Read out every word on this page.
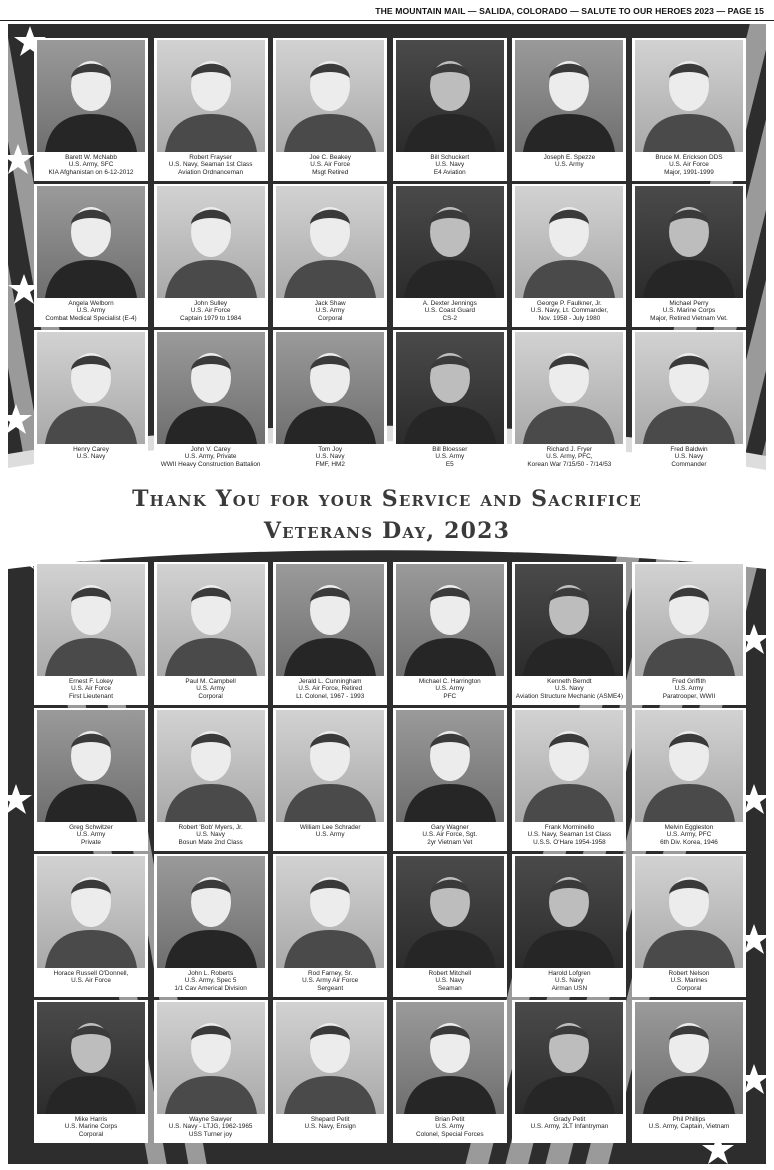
THE MOUNTAIN MAIL — SALIDA, COLORADO — SALUTE TO OUR HEROES 2023 — PAGE 15
Barett W. McNabb
U.S. Army, SFC
KIA Afghanistan on 6-12-2012
Robert Frayser
U.S. Navy, Seaman 1st Class
Aviation Ordnanceman
Joe C. Beakey
U.S. Air Force
Msgt Retired
Bill Schuckert
U.S. Navy
E4 Aviation
Joseph E. Spezze
U.S. Army
Bruce M. Erickson DDS
U.S. Air Force
Major, 1991-1999
Angela Welborn
U.S. Army
Combat Medical Specialist (E-4)
John Sulley
U.S. Air Force
Captain 1979 to 1984
Jack Shaw
U.S. Army
Corporal
A. Dexter Jennings
U.S. Coast Guard
CS-2
George P. Faulkner, Jr.
U.S. Navy, Lt. Commander,
Nov. 1958 - July 1980
Michael Perry
U.S. Marine Corps
Major, Retired Vietnam Vet.
Henry Carey
U.S. Navy
John V. Carey
U.S. Army, Private
WWII Heavy Construction Battalion
Tom Joy
U.S. Navy
FMF, HM2
Bill Bloesser
U.S. Army
E5
Richard J. Fryer
U.S. Army, PFC,
Korean War 7/15/50 - 7/14/53
Fred Baldwin
U.S. Navy
Commander
Thank You for your Service and Sacrifice
Veterans Day, 2023
Ernest F. Lokey
U.S. Air Force
First Lieutenant
Paul M. Campbell
U.S. Army
Corporal
Jerald L. Cunningham
U.S. Air Force, Retired
Lt. Colonel, 1967 - 1993
Michael C. Harrington
U.S. Army
PFC
Kenneth Berndt
U.S. Navy
Aviation Structure Mechanic (ASME4)
Fred Griffith
U.S. Army
Paratrooper, WWII
Greg Schwitzer
U.S. Army
Private
Robert 'Bob' Myers, Jr.
U.S. Navy
Bosun Mate 2nd Class
William Lee Schrader
U.S. Army
Gary Wagner
U.S. Air Force, Sgt.
2yr Vietnam Vet
Frank Morminello
U.S. Navy, Seaman 1st Class
U.S.S. O'Hare 1954-1958
Melvin Eggleston
U.S. Army, PFC
6th Div. Korea, 1946
Horace Russell O'Donnell,
U.S. Air Force
John L. Roberts
U.S. Army, Spec 5
1/1 Cav Americal Division
Rod Farney, Sr.
U.S. Army Air Force
Sergeant
Robert Mitchell
U.S. Navy
Seaman
Harold Lofgren
U.S. Navy
Airman USN
Robert Nelson
U.S. Marines
Corporal
Mike Harris
U.S. Marine Corps
Corporal
Wayne Sawyer
U.S. Navy - LTJG, 1962-1965
USS Turner joy
Shepard Petit
U.S. Navy, Ensign
Brian Petit
U.S. Army
Colonel, Special Forces
Grady Petit
U.S. Army, 2LT Infantryman
Phil Phillips
U.S. Army, Captain, Vietnam
